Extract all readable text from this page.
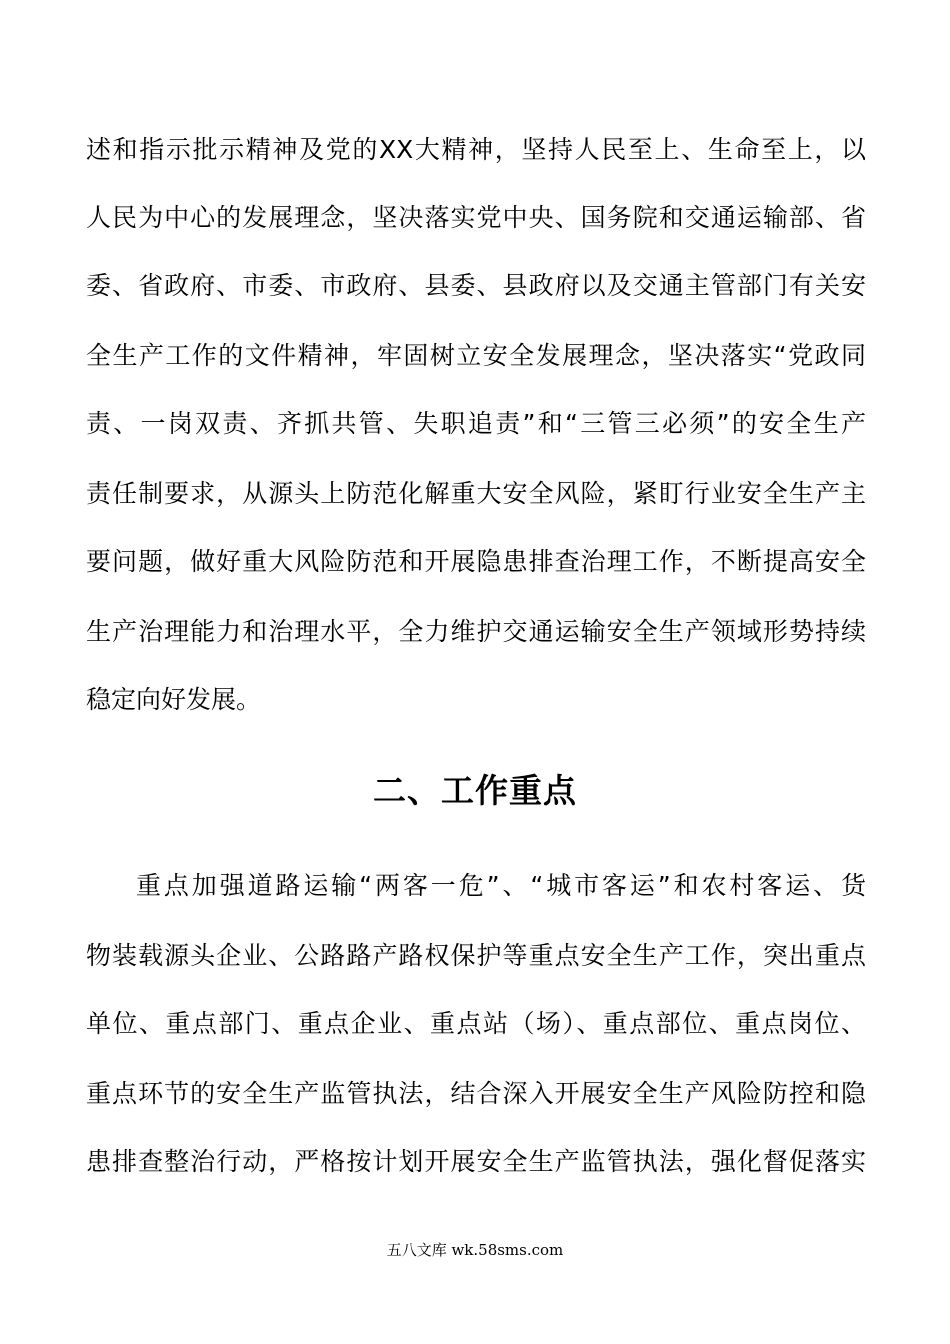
述和指示批示精神及党的XX大精神，坚持人民至上、生命至上，以
人民为中心的发展理念，坚决落实党中央、国务院和交通运输部、省
委、省政府、市委、市政府、县委、县政府以及交通主管部门有关安
全生产工作的文件精神，牢固树立安全发展理念，坚决落实“党政同
责、一岗双责、齐抓共管、失职追责”和“三管三必须”的安全生产
责任制要求，从源头上防范化解重大安全风险，紧盯行业安全生产主
要问题，做好重大风险防范和开展隐患排查治理工作，不断提高安全
生产治理能力和治理水平，全力维护交通运输安全生产领域形势持续
稳定向好发展。
二、工作重点
重点加强道路运输“两客一危”、“城市客运”和农村客运、货
物装载源头企业、公路路产路权保护等重点安全生产工作，突出重点
单位、重点部门、重点企业、重点站（场）、重点部位、重点岗位、
重点环节的安全生产监管执法，结合深入开展安全生产风险防控和隐
患排查整治行动，严格按计划开展安全生产监管执法，强化督促落实
五八文库 wk.58sms.com
